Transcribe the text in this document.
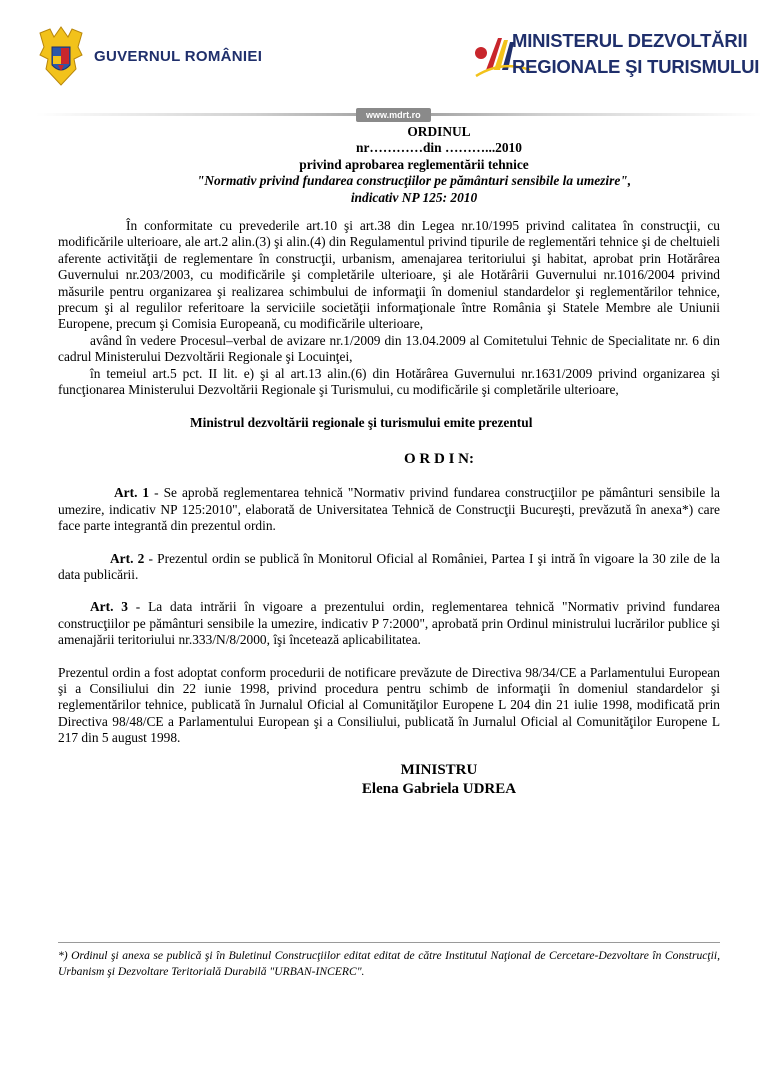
GUVERNUL ROMÂNIEI
MINISTERUL DEZVOLTĂRII
REGIONALE ŞI TURISMULUI
www.mdrt.ro
ORDINUL
nr…………din ………...2010
privind aprobarea reglementării tehnice
"Normativ privind fundarea construcţiilor pe pământuri sensibile la umezire",
indicativ NP 125: 2010

În conformitate cu prevederile art.10 şi art.38 din Legea nr.10/1995 privind calitatea în construcţii, cu modificările ulterioare, ale art.2 alin.(3) şi alin.(4) din Regulamentul privind tipurile de reglementări tehnice şi de cheltuieli aferente activităţii de reglementare în construcţii, urbanism, amenajarea teritoriului şi habitat, aprobat prin Hotărârea Guvernului nr.203/2003, cu modificările şi completările ulterioare, şi ale Hotărârii Guvernului nr.1016/2004 privind măsurile pentru organizarea şi realizarea schimbului de informaţii în domeniul standardelor şi reglementărilor tehnice, precum şi al regulilor referitoare la serviciile societăţii informaţionale între România şi Statele Membre ale Uniunii Europene, precum şi Comisia Europeană, cu modificările ulterioare,

având în vedere Procesul–verbal de avizare nr.1/2009 din 13.04.2009 al Comitetului Tehnic de Specialitate nr. 6 din cadrul Ministerului Dezvoltării Regionale şi Locuinţei,

în temeiul art.5 pct. II lit. e) şi al art.13 alin.(6) din Hotărârea Guvernului nr.1631/2009 privind organizarea şi funcţionarea Ministerului Dezvoltării Regionale şi Turismului, cu modificările şi completările ulterioare,

Ministrul dezvoltării regionale şi turismului emite prezentul
O R D I N:

Art. 1 - Se aprobă reglementarea tehnică "Normativ privind fundarea construcţiilor pe pământuri sensibile la umezire, indicativ NP 125:2010", elaborată de Universitatea Tehnică de Construcţii Bucureşti, prevăzută în anexa*) care face parte integrantă din prezentul ordin.

Art. 2 - Prezentul ordin se publică în Monitorul Oficial al României, Partea I şi intră în vigoare la 30 zile de la data publicării.

Art. 3 - La data intrării în vigoare a prezentului ordin, reglementarea tehnică "Normativ privind fundarea construcţiilor pe pământuri sensibile la umezire, indicativ P 7:2000", aprobată prin Ordinul ministrului lucrărilor publice şi amenajării teritoriului nr.333/N/8/2000, îşi încetează aplicabilitatea.

Prezentul ordin a fost adoptat conform procedurii de notificare prevăzute de Directiva 98/34/CE a Parlamentului European şi a Consiliului din 22 iunie 1998, privind procedura pentru schimb de informaţii în domeniul standardelor şi reglementărilor tehnice, publicată în Jurnalul Oficial al Comunităţilor Europene L 204 din 21 iulie 1998, modificată prin Directiva 98/48/CE a Parlamentului European şi a Consiliului, publicată în Jurnalul Oficial al Comunităţilor Europene L 217 din 5 august 1998.

MINISTRU
Elena Gabriela UDREA
*) Ordinul şi anexa se publică şi în Buletinul Construcţiilor editat editat de către Institutul Naţional de Cercetare-Dezvoltare în Construcţii, Urbanism şi Dezvoltare Teritorială Durabilă "URBAN-INCERC".
